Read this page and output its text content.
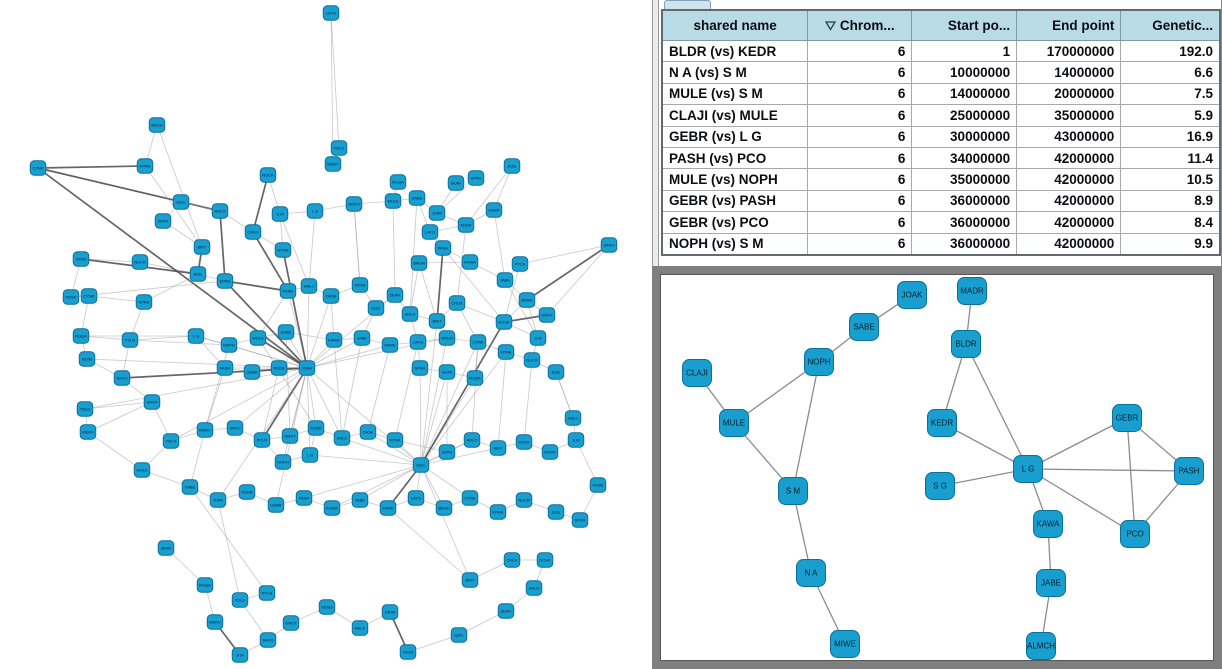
LAYG
BRUH
CYNK	KPRA
NUCR
JESL
SPRA
BUIN
RUQA
TOLD
MERV
SAXO
PYLN
GROT
FEND
HALC
DRIM
VOSK
QUIL
ZEPH
ARLO
BINT
CRUX
DOVE
S M
L G
NOPH
MULE
SABE
JOAK
KEDR
GEBR
PASH
KAWA
JABE
MIWE
LAYG
BRUH
CYNK
KPRA
NUCR
JESL
SPRA
BUIN
RUQA
TOLD
MERV
SAXO
PYLN
GROT
FEND
HALC
DRIM
VOSK
QUIL
ZEPH
ARLO
BINT
CRUX
DOVE
S M
L G
NOPH
MULE
SABE
JOAK
KEDR
GEBR
PASH
KAWA	JABE
MIWE
LAYG
BRUH
CYNK
KPRA
NUCR
JESL
SPRA
BUIN
RUQA
TOLD
MERV	SAXO
PYLN
GROT
FEND
HALC
DRIM
VOSK
QUIL
ZEPH
ARLO
BINT
CRUX
DOVE
S M
L G
NOPH
MULE
SABE
JOAK
KEDR
GEBR
PASH
KAWA
JABE
MIWE
LAYG
BRUH
CYNK
KPRA
NUCR
JESL
SPRA
BUIN
RUQA
TOLD
MERV
SAXO
PYLN
GROT
FEND
HALC
DRIM
VOSK
QUIL
ZEPH
ARLO
BINT
CRUX	DOVE
S M
shared name	Chrom...	Start po...	End point	Genetic...
BLDR (vs) KEDR	6	1	170000000	192.0
N A (vs) S M	6	10000000	14000000	6.6
MULE (vs) S M	6	14000000	20000000	7.5
CLAJI (vs) MULE	6	25000000	35000000	5.9
GEBR (vs) L G	6	30000000	43000000	16.9
PASH (vs) PCO	6	34000000	42000000	11.4
MULE (vs) NOPH	6	35000000	42000000	10.5
GEBR (vs) PASH	6	36000000	42000000	8.9
GEBR (vs) PCO	6	36000000	42000000	8.4
NOPH (vs) S M	6	36000000	42000000	9.9
JOAK	MADR
SABE
BLDR
NOPH
CLAJI
MULE	KEDR
GEBR
L G	PASH
S G
S M
KAWA
PCO
N A
JABE
MIWE	ALMCH
